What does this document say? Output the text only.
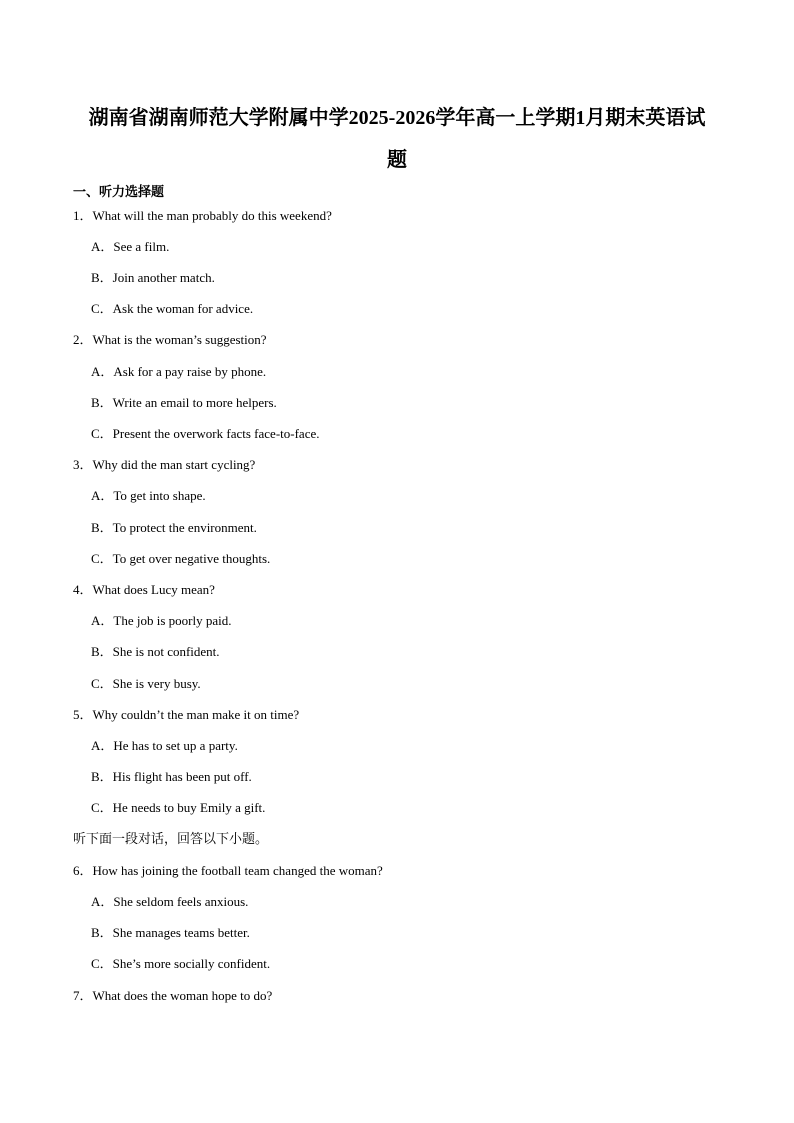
湖南省湖南师范大学附属中学2025-2026学年高一上学期1月期末英语试
题
一、听力选择题
1．What will the man probably do this weekend?
A．See a film.
B．Join another match.
C．Ask the woman for advice.
2．What is the woman’s suggestion?
A．Ask for a pay raise by phone.
B．Write an email to more helpers.
C．Present the overwork facts face-to-face.
3．Why did the man start cycling?
A．To get into shape.
B．To protect the environment.
C．To get over negative thoughts.
4．What does Lucy mean?
A．The job is poorly paid.
B．She is not confident.
C．She is very busy.
5．Why couldn’t the man make it on time?
A．He has to set up a party.
B．His flight has been put off.
C．He needs to buy Emily a gift.
听下面一段对话，回答以下小题。
6．How has joining the football team changed the woman?
A．She seldom feels anxious.
B．She manages teams better.
C．She’s more socially confident.
7．What does the woman hope to do?
